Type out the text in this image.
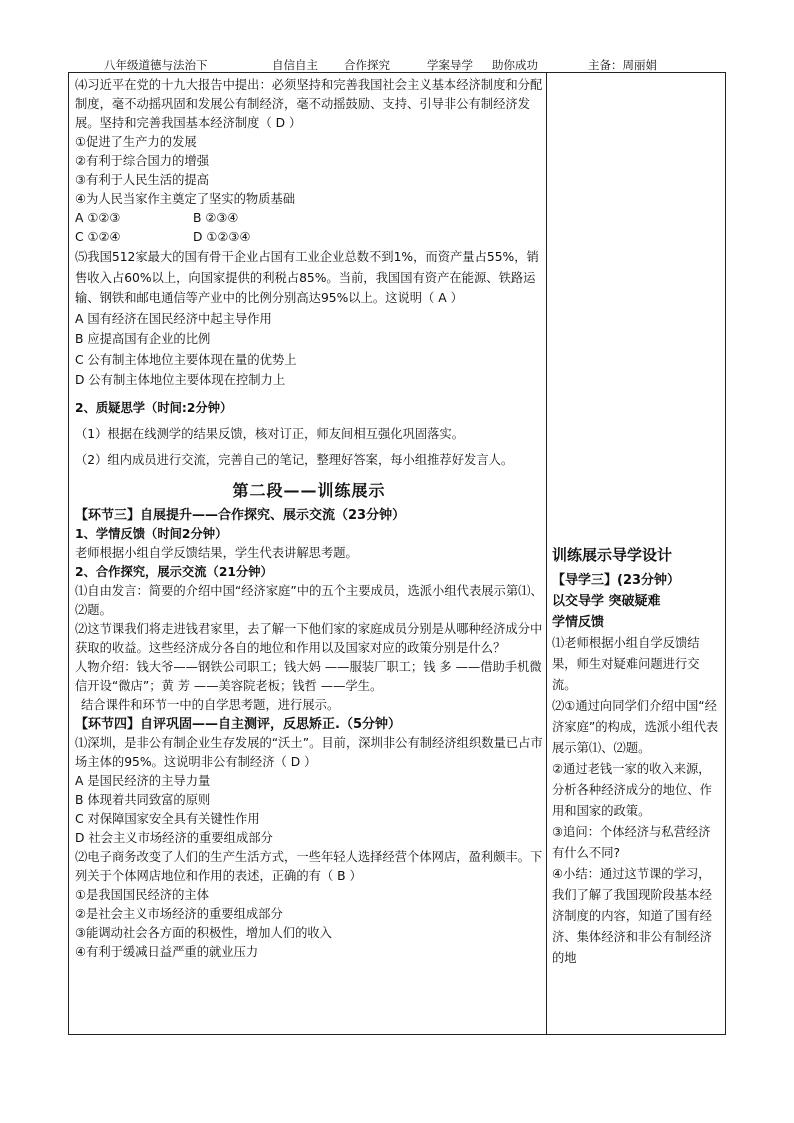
八年级道德与法治下	自信自主 合作探究	学案导学 助你成功	主备：周丽娟

⑷习近平在党的十九大报告中提出：必须坚持和完善我国社会主义基本经济制度和分配制度，毫不动摇巩固和发展公有制经济，毫不动摇鼓励、支持、引导非公有制经济发展。坚持和完善我国基本经济制度（ D ）

①促进了生产力的发展

②有利于综合国力的增强

③有利于人民生活的提高

④为人民当家作主奠定了坚实的物质基础

A ①②③	B ②③④
C ①②④	D ①②③④

⑸我国512家最大的国有骨干企业占国有工业企业总数不到1%，而资产量占55%，销售收入占60%以上，向国家提供的利税占85%。当前，我国国有资产在能源、铁路运输、钢铁和邮电通信等产业中的比例分别高达95%以上。这说明（ A ）

A 国有经济在国民经济中起主导作用

B 应提高国有企业的比例

C 公有制主体地位主要体现在量的优势上

D 公有制主体地位主要体现在控制力上

2、质疑思学（时间:2分钟）

（1）根据在线测学的结果反馈，核对订正，师友间相互强化巩固落实。

（2）组内成员进行交流，完善自己的笔记，整理好答案，每小组推荐好发言人。

第二段——训练展示

【环节三】自展提升——合作探究、展示交流（23分钟）

1、学情反馈（时间2分钟）

老师根据小组自学反馈结果，学生代表讲解思考题。

2、合作探究，展示交流（21分钟）

⑴自由发言：简要的介绍中国“经济家庭”中的五个主要成员，选派小组代表展示第⑴、⑵题。

⑵这节课我们将走进钱君家里，去了解一下他们家的家庭成员分别是从哪种经济成分中获取的收益。这些经济成分各自的地位和作用以及国家对应的政策分别是什么？

人物介绍：钱大爷——钢铁公司职工；钱大妈 ——服装厂职工；钱 多 ——借助手机微信开设“微店”；黄 芳 ——美容院老板；钱哲 ——学生。

结合课件和环节一中的自学思考题，进行展示。

【环节四】自评巩固——自主测评，反思矫正.（5分钟）

⑴深圳，是非公有制企业生存发展的“沃土”。目前，深圳非公有制经济组织数量已占市场主体的95%。这说明非公有制经济（ D ）

A 是国民经济的主导力量

B 体现着共同致富的原则

C 对保障国家安全具有关键性作用

D 社会主义市场经济的重要组成部分

⑵电子商务改变了人们的生产生活方式，一些年轻人选择经营个体网店，盈利颇丰。下列关于个体网店地位和作用的表述，正确的有（ B ）

①是我国国民经济的主体

②是社会主义市场经济的重要组成部分

③能调动社会各方面的积极性，增加人们的收入

④有利于缓减日益严重的就业压力

训练展示导学设计

【导学三】(23分钟）

以交导学 突破疑难

学情反馈

⑴老师根据小组自学反馈结果，师生对疑难问题进行交流。

⑵①通过向同学们介绍中国“经济家庭”的构成，选派小组代表展示第⑴、⑵题。

②通过老钱一家的收入来源，分析各种经济成分的地位、作用和国家的政策。

③追问：个体经济与私营经济有什么不同?

④小结：通过这节课的学习，我们了解了我国现阶段基本经济制度的内容，知道了国有经济、集体经济和非公有制经济的地
